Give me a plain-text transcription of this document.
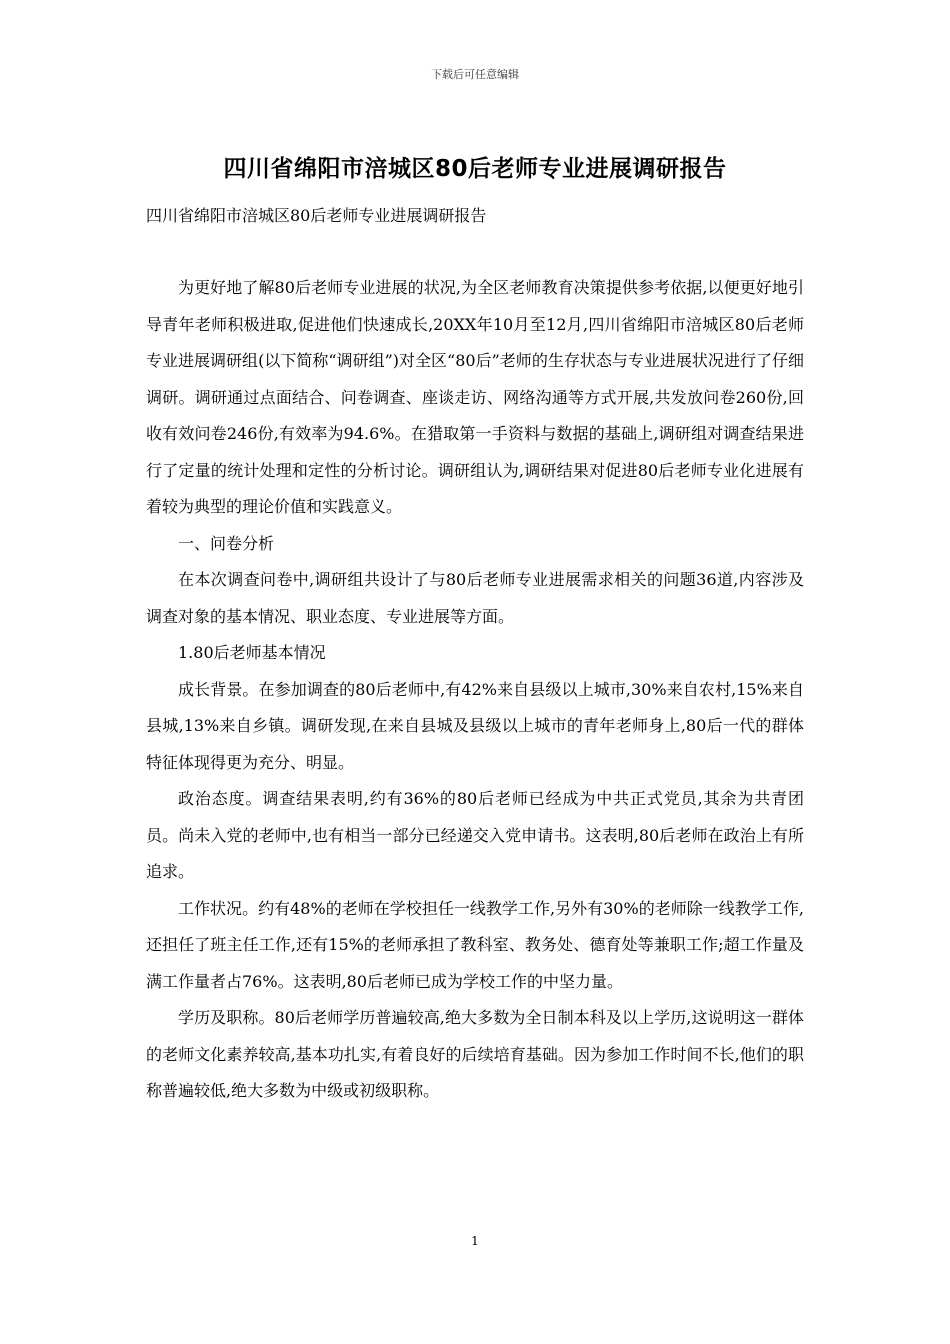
下载后可任意编辑
四川省绵阳市涪城区80后老师专业进展调研报告
四川省绵阳市涪城区80后老师专业进展调研报告

为更好地了解80后老师专业进展的状况,为全区老师教育决策提供参考依据,以便更好地引导青年老师积极进取,促进他们快速成长,20XX年10月至12月,四川省绵阳市涪城区80后老师专业进展调研组(以下简称“调研组”)对全区“80后”老师的生存状态与专业进展状况进行了仔细调研。调研通过点面结合、问卷调查、座谈走访、网络沟通等方式开展,共发放问卷260份,回收有效问卷246份,有效率为94.6%。在猎取第一手资料与数据的基础上,调研组对调查结果进行了定量的统计处理和定性的分析讨论。调研组认为,调研结果对促进80后老师专业化进展有着较为典型的理论价值和实践意义。

一、问卷分析

在本次调查问卷中,调研组共设计了与80后老师专业进展需求相关的问题36道,内容涉及调查对象的基本情况、职业态度、专业进展等方面。

1.80后老师基本情况

成长背景。在参加调查的80后老师中,有42%来自县级以上城市,30%来自农村,15%来自县城,13%来自乡镇。调研发现,在来自县城及县级以上城市的青年老师身上,80后一代的群体特征体现得更为充分、明显。

政治态度。调查结果表明,约有36%的80后老师已经成为中共正式党员,其余为共青团员。尚未入党的老师中,也有相当一部分已经递交入党申请书。这表明,80后老师在政治上有所追求。

工作状况。约有48%的老师在学校担任一线教学工作,另外有30%的老师除一线教学工作,还担任了班主任工作,还有15%的老师承担了教科室、教务处、德育处等兼职工作;超工作量及满工作量者占76%。这表明,80后老师已成为学校工作的中坚力量。

学历及职称。80后老师学历普遍较高,绝大多数为全日制本科及以上学历,这说明这一群体的老师文化素养较高,基本功扎实,有着良好的后续培育基础。因为参加工作时间不长,他们的职称普遍较低,绝大多数为中级或初级职称。

1
